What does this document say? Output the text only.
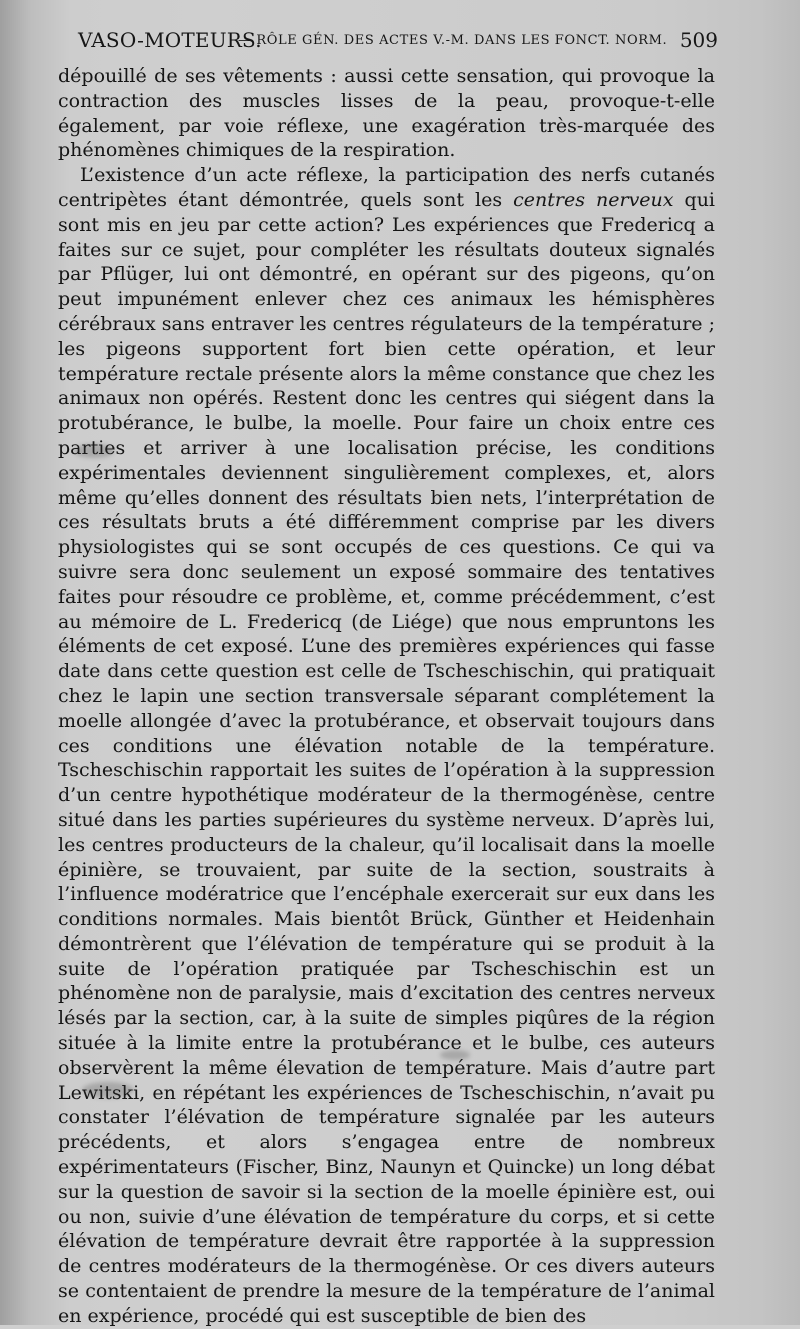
VASO-MOTEURS.
— RÔLE GÉN. DES ACTES V.-M. DANS LES FONCT. NORM. 509

dépouillé de ses vêtements : aussi cette sensation, qui provoque la contraction des muscles lisses de la peau, provoque-t-elle également, par voie réflexe, une exagération très-marquée des phénomènes chimiques de la respiration.

L’existence d’un acte réflexe, la participation des nerfs cutanés centripètes étant démontrée, quels sont les centres nerveux qui sont mis en jeu par cette action? Les expériences que Fredericq a faites sur ce sujet, pour compléter les résultats douteux signalés par Pflüger, lui ont démontré, en opérant sur des pigeons, qu’on peut impunément enlever chez ces animaux les hémisphères cérébraux sans entraver les centres régulateurs de la température ; les pigeons supportent fort bien cette opération, et leur température rectale présente alors la même constance que chez les animaux non opérés. Restent donc les centres qui siégent dans la protubérance, le bulbe, la moelle. Pour faire un choix entre ces parties et arriver à une localisation précise, les conditions expérimentales deviennent singulièrement complexes, et, alors même qu’elles donnent des résultats bien nets, l’interprétation de ces résultats bruts a été différemment comprise par les divers physiologistes qui se sont occupés de ces questions. Ce qui va suivre sera donc seulement un exposé sommaire des tentatives faites pour résoudre ce problème, et, comme précédemment, c’est au mémoire de L. Fredericq (de Liége) que nous empruntons les éléments de cet exposé. L’une des premières expériences qui fasse date dans cette question est celle de Tscheschischin, qui pratiquait chez le lapin une section transversale séparant complétement la moelle allongée d’avec la protubérance, et observait toujours dans ces conditions une élévation notable de la température. Tscheschischin rapportait les suites de l’opération à la suppression d’un centre hypothétique modérateur de la thermogénèse, centre situé dans les parties supérieures du système nerveux. D’après lui, les centres producteurs de la chaleur, qu’il localisait dans la moelle épinière, se trouvaient, par suite de la section, soustraits à l’influence modératrice que l’encéphale exercerait sur eux dans les conditions normales. Mais bientôt Brück, Günther et Heidenhain démontrèrent que l’élévation de température qui se produit à la suite de l’opération pratiquée par Tscheschischin est un phénomène non de paralysie, mais d’excitation des centres nerveux lésés par la section, car, à la suite de simples piqûres de la région située à la limite entre la protubérance et le bulbe, ces auteurs observèrent la même élevation de température. Mais d’autre part Lewitski, en répétant les expériences de Tscheschischin, n’avait pu constater l’élévation de température signalée par les auteurs précédents, et alors s’engagea entre de nombreux expérimentateurs (Fischer, Binz, Naunyn et Quincke) un long débat sur la question de savoir si la section de la moelle épinière est, oui ou non, suivie d’une élévation de température du corps, et si cette élévation de température devrait être rapportée à la suppression de centres modérateurs de la thermogénèse. Or ces divers auteurs se contentaient de prendre la mesure de la température de l’animal en expérience, procédé qui est susceptible de bien des
